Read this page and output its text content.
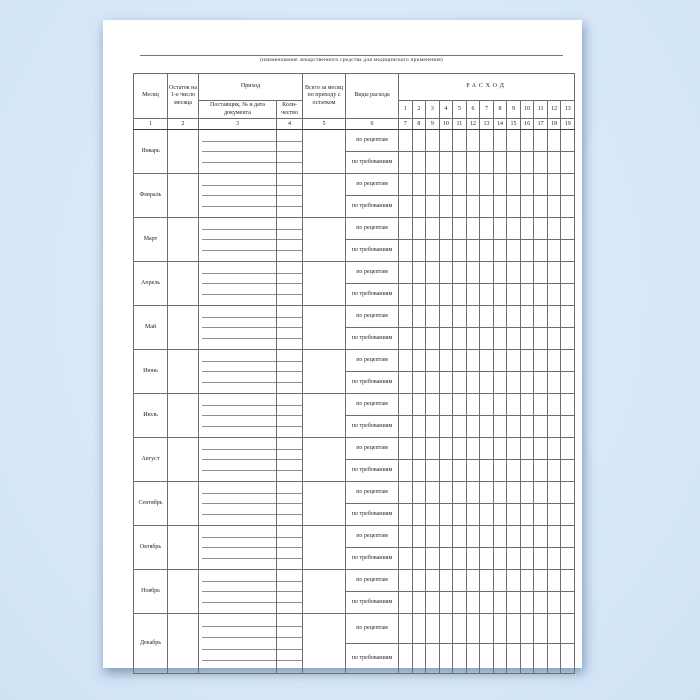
(наименование лекарственного средства для медицинского применения)
Месяц	Остаток на 1-е число месяца	Приход		Всего за месяц по приходу с остатком	Виды расхода	РАСХОД												
		Поставщик, № и дата документа	Коли-чество			1	2	3	4	5	6	7	8	9	10	11	12	13
1	2	3	4	5	6	7	8	9	10	11	12	13	14	15	16	17	18	19
Январь					по рецептам													
					по требованиям													
Февраль					по рецептам													
					по требованиям													
Март					по рецептам													
					по требованиям													
Апрель					по рецептам													
					по требованиям													
Май					по рецептам													
					по требованиям													
Июнь					по рецептам													
					по требованиям													
Июль					по рецептам													
					по требованиям													
Август					по рецептам													
					по требованиям													
Сентябрь					по рецептам													
					по требованиям													
Октябрь					по рецептам													
					по требованиям													
Ноябрь					по рецептам													
					по требованиям													
Декабрь					по рецептам													
					по требованиям													
